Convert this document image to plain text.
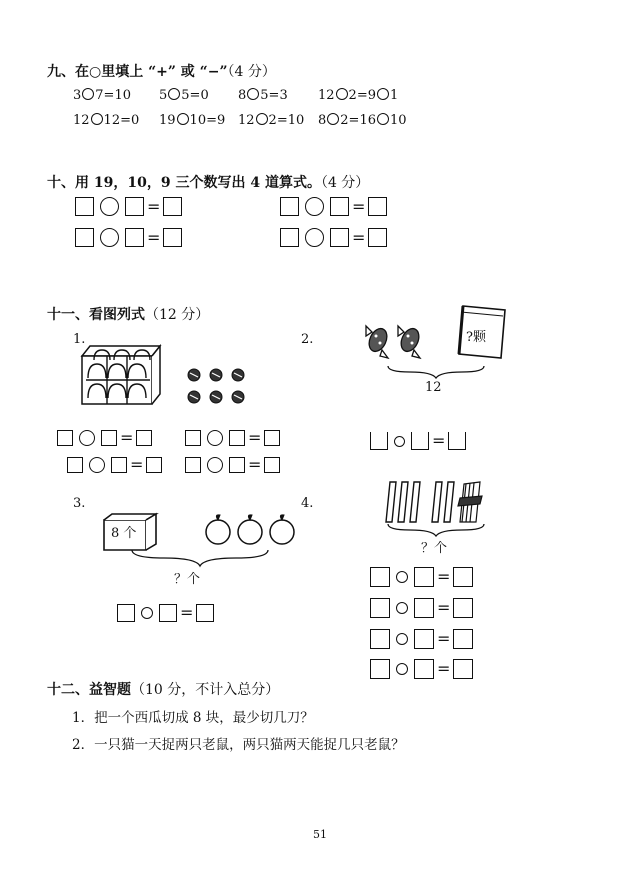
九、在○里填上 “+” 或 “−”（4 分）
3 7=10 5 5=0 8 5=3 12 2=9 1
12 12=0 19 10=9 12 2=10 8 2=16 10
十、用 19，10，9 三个数写出 4 道算式。（4 分）
=	=
=	=
十一、看图列式（12 分）
1.	2.
3.	4.
=	=
=	=
?颗
12
=
8 个
？个
=
？个
=
=
=
=
十二、益智题（10 分，不计入总分）
1．把一个西瓜切成 8 块，最少切几刀？
2．一只猫一天捉两只老鼠，两只猫两天能捉几只老鼠？
51
